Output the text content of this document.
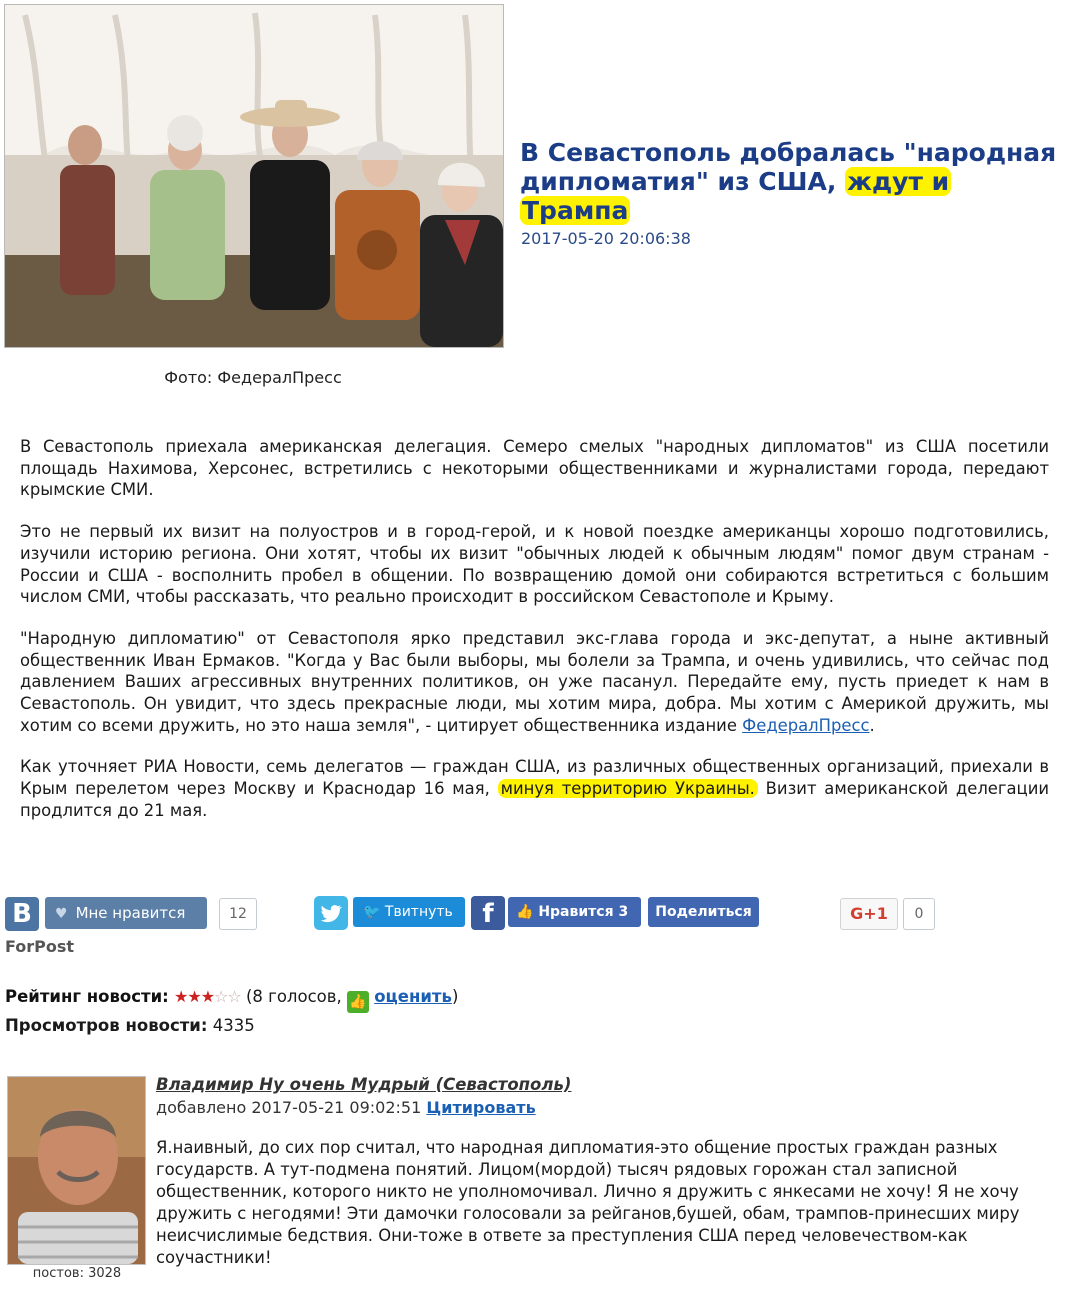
Фото: ФедералПресс
В Севастополь добралась "народная дипломатия" из США, ждут и
Трампа
2017-05-20 20:06:38

В Севастополь приехала американская делегация. Семеро смелых "народных дипломатов" из США посетили площадь Нахимова, Херсонес, встретились с некоторыми общественниками и журналистами города, передают крымские СМИ.

Это не первый их визит на полуостров и в город-герой, и к новой поездке американцы хорошо подготовились, изучили историю региона. Они хотят, чтобы их визит "обычных людей к обычным людям" помог двум странам - России и США - восполнить пробел в общении. По возвращению домой они собираются встретиться с большим числом СМИ, чтобы рассказать, что реально происходит в российском Севастополе и Крыму.

"Народную дипломатию" от Севастополя ярко представил экс-глава города и экс-депутат, а ныне активный общественник Иван Ермаков. "Когда у Вас были выборы, мы болели за Трампа, и очень удивились, что сейчас под давлением Ваших агрессивных внутренних политиков, он уже пасанул. Передайте ему, пусть приедет к нам в Севастополь. Он увидит, что здесь прекрасные люди, мы хотим мира, добра. Мы хотим с Америкой дружить, мы хотим со всеми дружить, но это наша земля", - цитирует общественника издание ФедералПресс.

Как уточняет РИА Новости, семь делегатов — граждан США, из различных общественных организаций, приехали в Крым перелетом через Москву и Краснодар 16 мая, минуя территорию Украины. Визит американской делегации продлится до 21 мая.

В	♥ Мне нравится	12	🐦 Твитнуть	f	👍 Нравится 3	Поделиться	G+1	0
ForPost
Рейтинг новости: ★★★☆☆ (8 голосов, 👍 оценить)
Просмотров новости: 4335
постов: 3028
Владимир Ну очень Мудрый (Севастополь)
добавлено 2017-05-21 09:02:51 Цитировать
Я.наивный, до сих пор считал, что народная дипломатия-это общение простых граждан разных государств. А тут-подмена понятий. Лицом(мордой) тысяч рядовых горожан стал записной общественник, которого никто не уполномочивал. Лично я дружить с янкесами не хочу! Я не хочу дружить с негодями! Эти дамочки голосовали за рейганов,бушей, обам, трампов-принесших миру неисчислимые бедствия. Они-тоже в ответе за преступления США перед человечеством-как соучастники!
